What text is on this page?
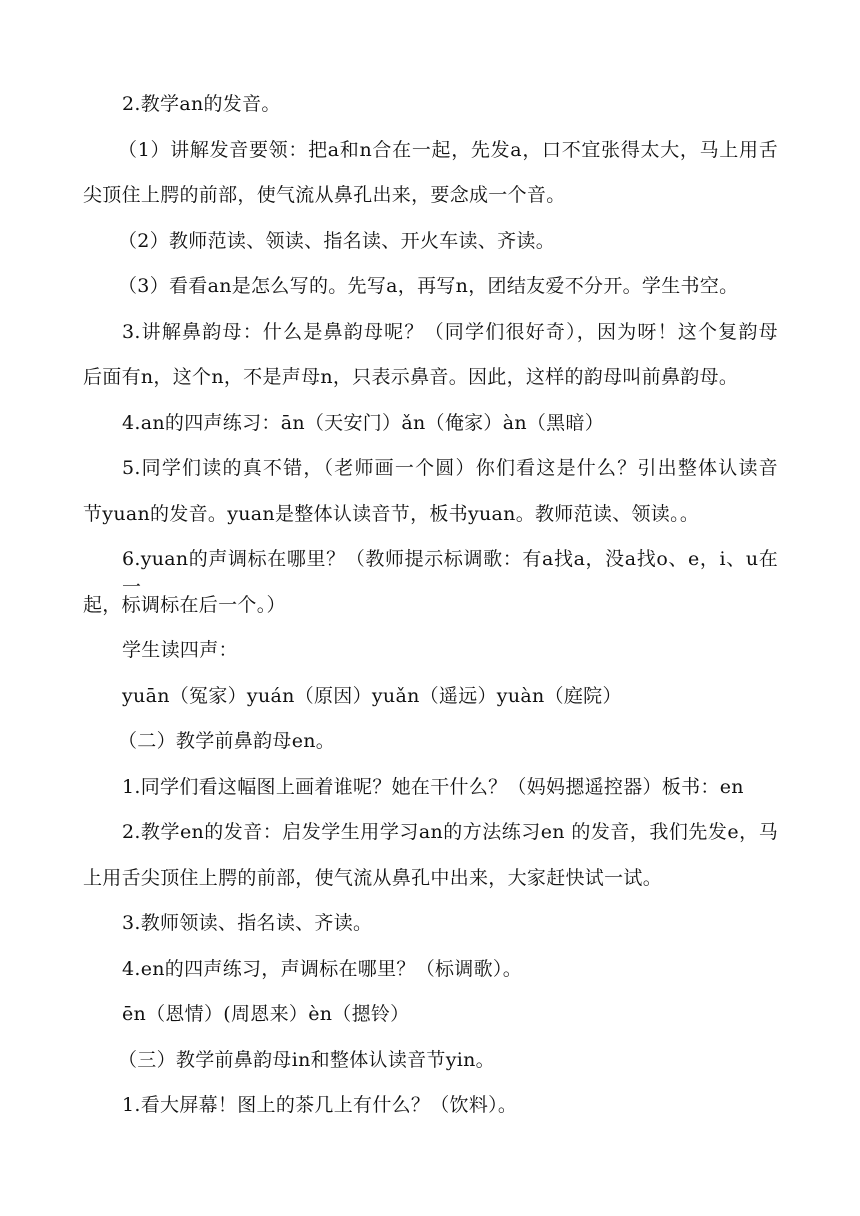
2.教学an的发音。
（1）讲解发音要领：把a和n合在一起，先发a，口不宜张得太大，马上用舌
尖顶住上腭的前部，使气流从鼻孔出来，要念成一个音。
（2）教师范读、领读、指名读、开火车读、齐读。
（3）看看an是怎么写的。先写a，再写n，团结友爱不分开。学生书空。
3.讲解鼻韵母：什么是鼻韵母呢？（同学们很好奇），因为呀！这个复韵母
后面有n，这个n，不是声母n，只表示鼻音。因此，这样的韵母叫前鼻韵母。
4.an的四声练习：ān（天安门）ǎn（俺家）àn（黑暗）
5.同学们读的真不错，（老师画一个圆）你们看这是什么？引出整体认读音
节yuan的发音。yuan是整体认读音节，板书yuan。教师范读、领读。。
6.yuan的声调标在哪里？（教师提示标调歌：有a找a，没a找o、e，i、u在一
起，标调标在后一个。）
学生读四声：
yuān（冤家）yuán（原因）yuǎn（遥远）yuàn（庭院）
（二）教学前鼻韵母en。
1.同学们看这幅图上画着谁呢？她在干什么？（妈妈摁遥控器）板书：en
2.教学en的发音：启发学生用学习an的方法练习en 的发音，我们先发e，马
上用舌尖顶住上腭的前部，使气流从鼻孔中出来，大家赶快试一试。
3.教师领读、指名读、齐读。
4.en的四声练习，声调标在哪里？（标调歌）。
ēn（恩情）(周恩来）èn（摁铃）
（三）教学前鼻韵母in和整体认读音节yin。
1.看大屏幕！图上的茶几上有什么？（饮料）。
